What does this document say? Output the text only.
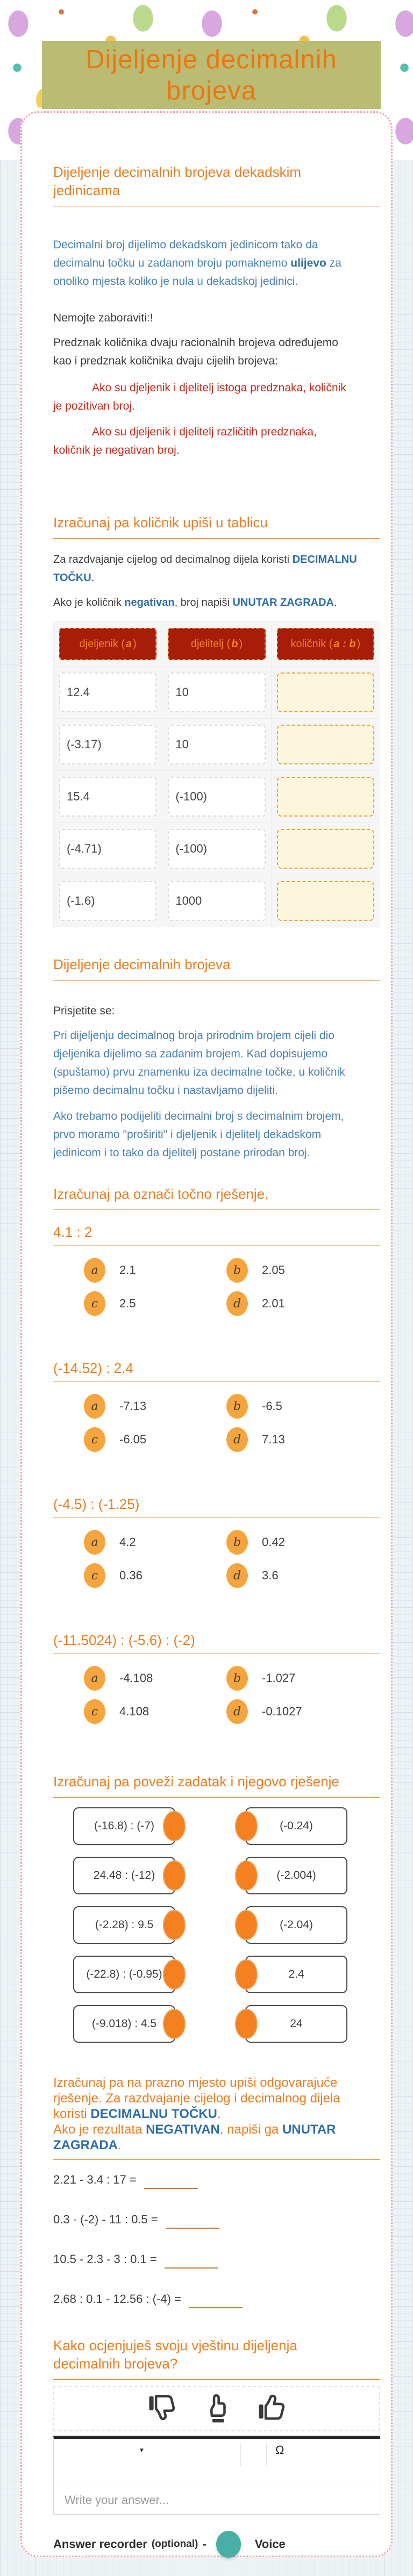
Dijeljenje decimalnih
brojeva
Dijeljenje decimalnih brojeva dekadskim jedinicama

Decimalni broj dijelimo dekadskom jedinicom tako da decimalnu točku u zadanom broju pomaknemo ulijevo za onoliko mjesta koliko je nula u dekadskoj jedinici.

Nemojte zaboraviti:!

Predznak količnika dvaju racionalnih brojeva određujemo kao i predznak količnika dvaju cijelih brojeva:

Ako su djeljenik i djelitelj istoga predznaka, količnik je pozitivan broj.

Ako su djeljenik i djelitelj različitih predznaka, količnik je negativan broj.

Izračunaj pa količnik upiši u tablicu

Za razdvajanje cijelog od decimalnog dijela koristi DECIMALNU TOČKU.

Ako je količnik negativan, broj napiši UNUTAR ZAGRADA.

djeljenik ( a )	djelitelj ( b )	količnik ( a : b )

12.4	10	

(-3.17)	10	

15.4	(-100)	

(-4.71)	(-100)	

(-1.6)	1000	

Dijeljenje decimalnih brojeva

Prisjetite se:

Pri dijeljenju decimalnog broja prirodnim brojem cijeli dio djeljenika dijelimo sa zadanim brojem. Kad dopisujemo (spuštamo) prvu znamenku iza decimalne točke, u količnik pišemo decimalnu točku i nastavljamo dijeliti.

Ako trebamo podijeliti decimalni broj s decimalnim brojem, prvo moramo "proširiti" i djeljenik i djelitelj dekadskom jedinicom i to tako da djelitelj postane prirodan broj.

Izračunaj pa označi točno rješenje.
4.1 : 2
a	2.1	b	2.05
c	2.5	d	2.01
(-14.52) : 2.4
a	-7.13	b	-6.5
c	-6.05	d	7.13
(-4.5) : (-1.25)
a	4.2	b	0.42
c	0.36	d	3.6
(-11.5024) : (-5.6) : (-2)
a	-4.108	b	-1.027
c	4.108	d	-0.1027
Izračunaj pa poveži zadatak i njegovo rješenje
(-16.8) : (-7)	(-0.24)
24.48 : (-12)	(-2.004)
(-2.28) : 9.5	(-2.04)
(-22.8) : (-0.95)	2.4
(-9.018) : 4.5	24
Izračunaj pa na prazno mjesto upiši odgovarajuće rješenje. Za razdvajanje cijelog i decimalnog dijela koristi DECIMALNU TOČKU.
Ako je rezultata NEGATIVAN, napiši ga UNUTAR ZAGRADA.
2.21 - 3.4 : 17 =
0.3 · (-2) - 11 : 0.5 =
10.5 - 2.3 - 3 : 0.1 =
2.68 : 0.1 - 12.56 : (-4) =
Kako ocjenjuješ svoju vještinu dijeljenja decimalnih brojeva?
▾	Ω
Write your answer...
Answer recorder (optional) -	Voice
